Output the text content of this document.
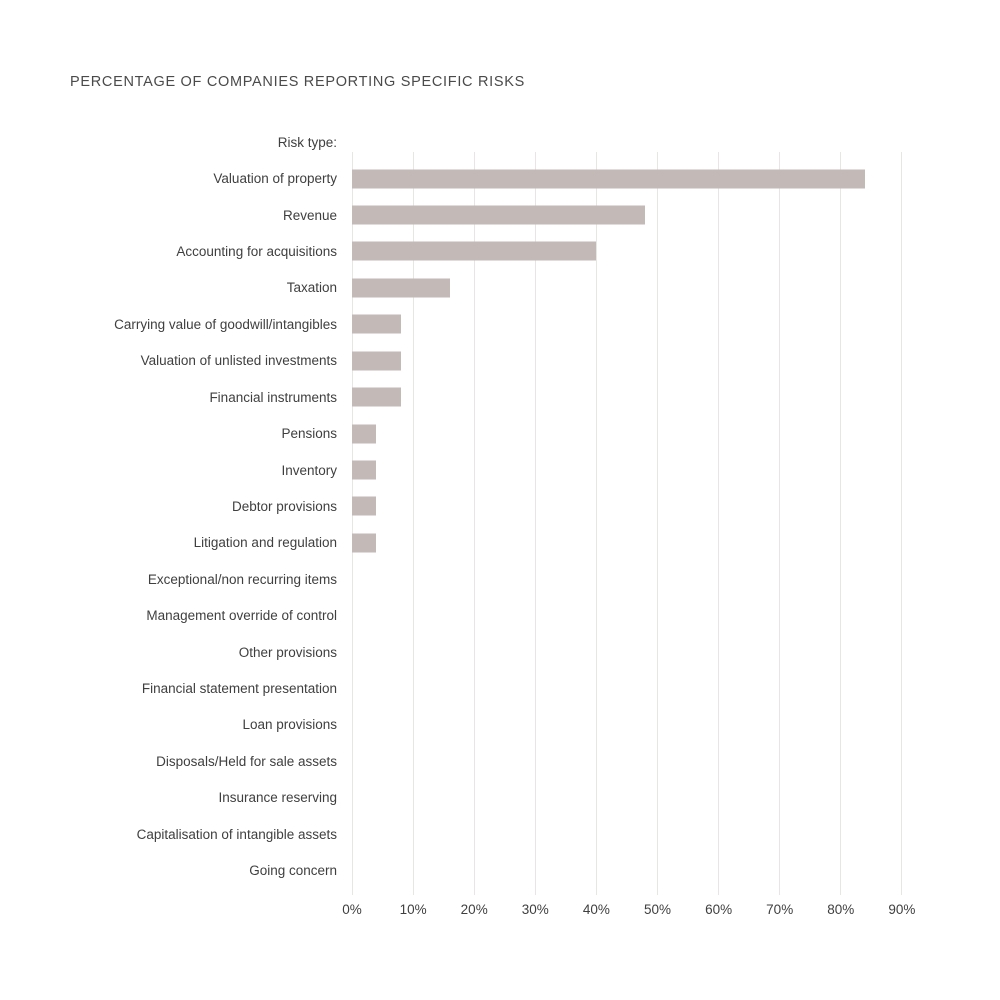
PERCENTAGE OF COMPANIES REPORTING SPECIFIC RISKS
Risk type:
Valuation of property
Revenue
Accounting for acquisitions
Taxation
Carrying value of goodwill/intangibles
Valuation of unlisted investments
Financial instruments
Pensions
Inventory
Debtor provisions
Litigation and regulation
Exceptional/non recurring items
Management override of control
Other provisions
Financial statement presentation
Loan provisions
Disposals/Held for sale assets
Insurance reserving
Capitalisation of intangible assets
Going concern
0%	10%	20%	30%	40%	50%	60%	70%	80%	90%
